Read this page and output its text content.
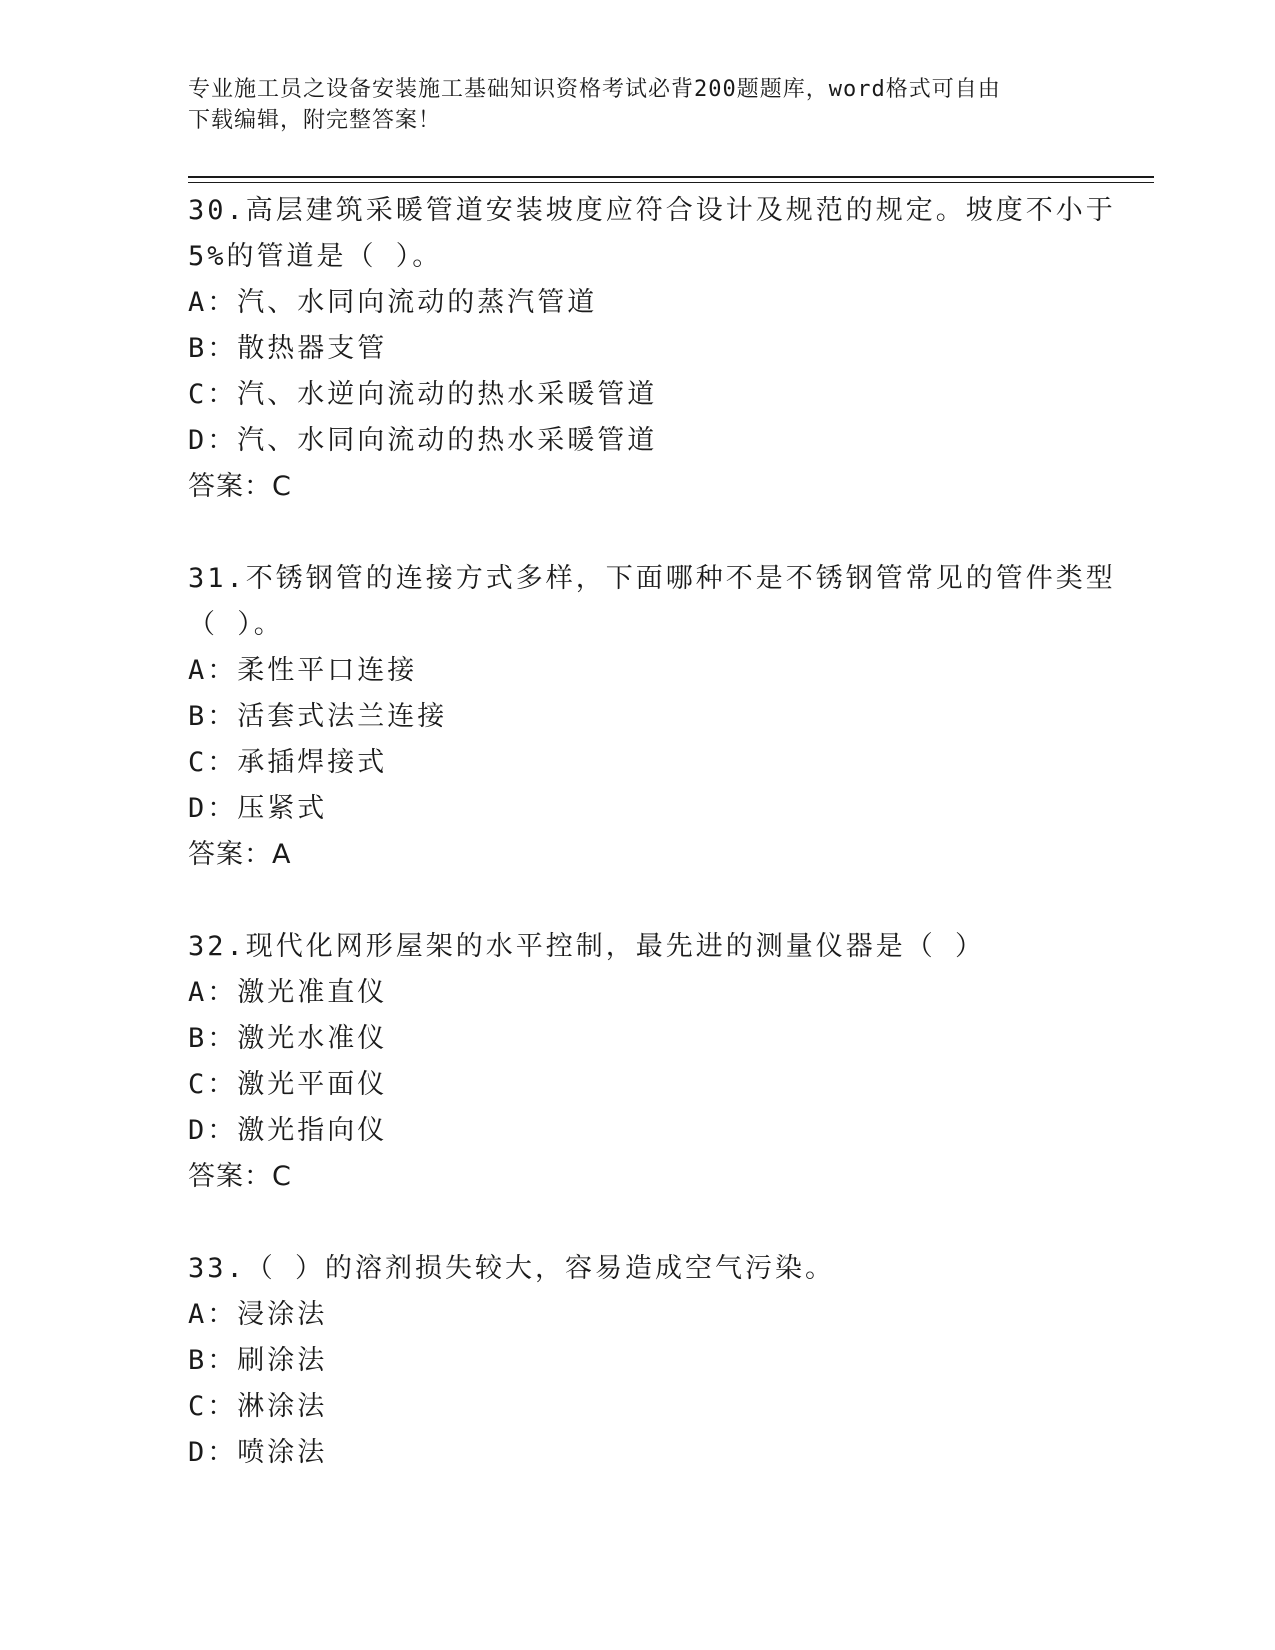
专业施工员之设备安装施工基础知识资格考试必背200题题库，word格式可自由
下载编辑，附完整答案！
30.高层建筑采暖管道安装坡度应符合设计及规范的规定。坡度不小于
5%的管道是（ ）。
A：汽、水同向流动的蒸汽管道
B：散热器支管
C：汽、水逆向流动的热水采暖管道
D：汽、水同向流动的热水采暖管道
答案：C
31.不锈钢管的连接方式多样，下面哪种不是不锈钢管常见的管件类型
（ ）。
A：柔性平口连接
B：活套式法兰连接
C：承插焊接式
D：压紧式
答案：A
32.现代化网形屋架的水平控制，最先进的测量仪器是（ ）
A：激光准直仪
B：激光水准仪
C：激光平面仪
D：激光指向仪
答案：C
33.（ ）的溶剂损失较大，容易造成空气污染。
A：浸涂法
B：刷涂法
C：淋涂法
D：喷涂法
